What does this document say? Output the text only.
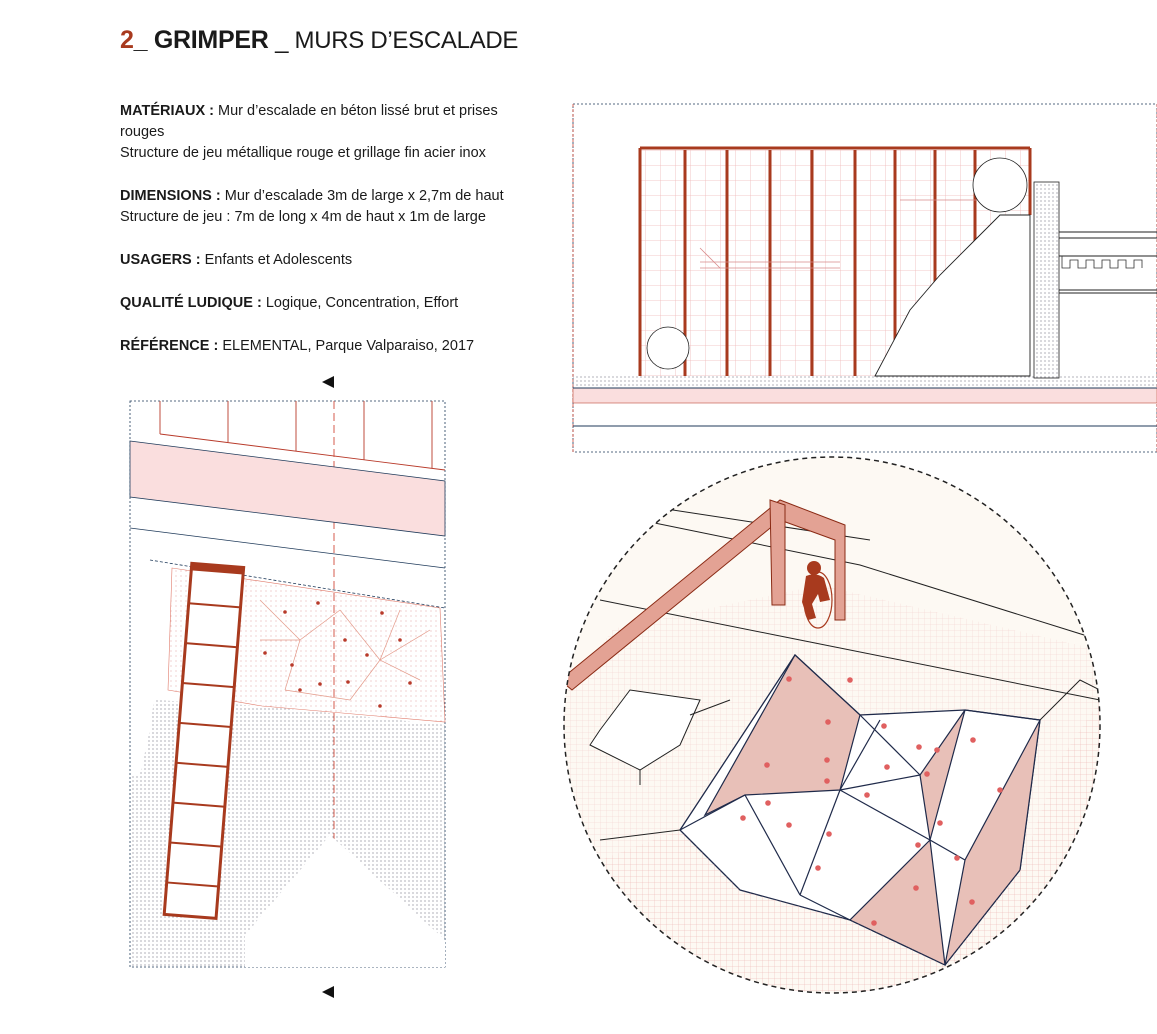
2_ GRIMPER _ MURS D’ESCALADE

MATÉRIAUX : Mur d’escalade en béton lissé brut et prises
rouges
Structure de jeu métallique rouge et grillage fin acier inox

DIMENSIONS : Mur d’escalade 3m de large x 2,7m de haut
Structure de jeu : 7m de long x 4m de haut x 1m de large

USAGERS : Enfants et Adolescents

QUALITÉ LUDIQUE : Logique, Concentration, Effort

RÉFÉRENCE : ELEMENTAL, Parque Valparaiso, 2017
